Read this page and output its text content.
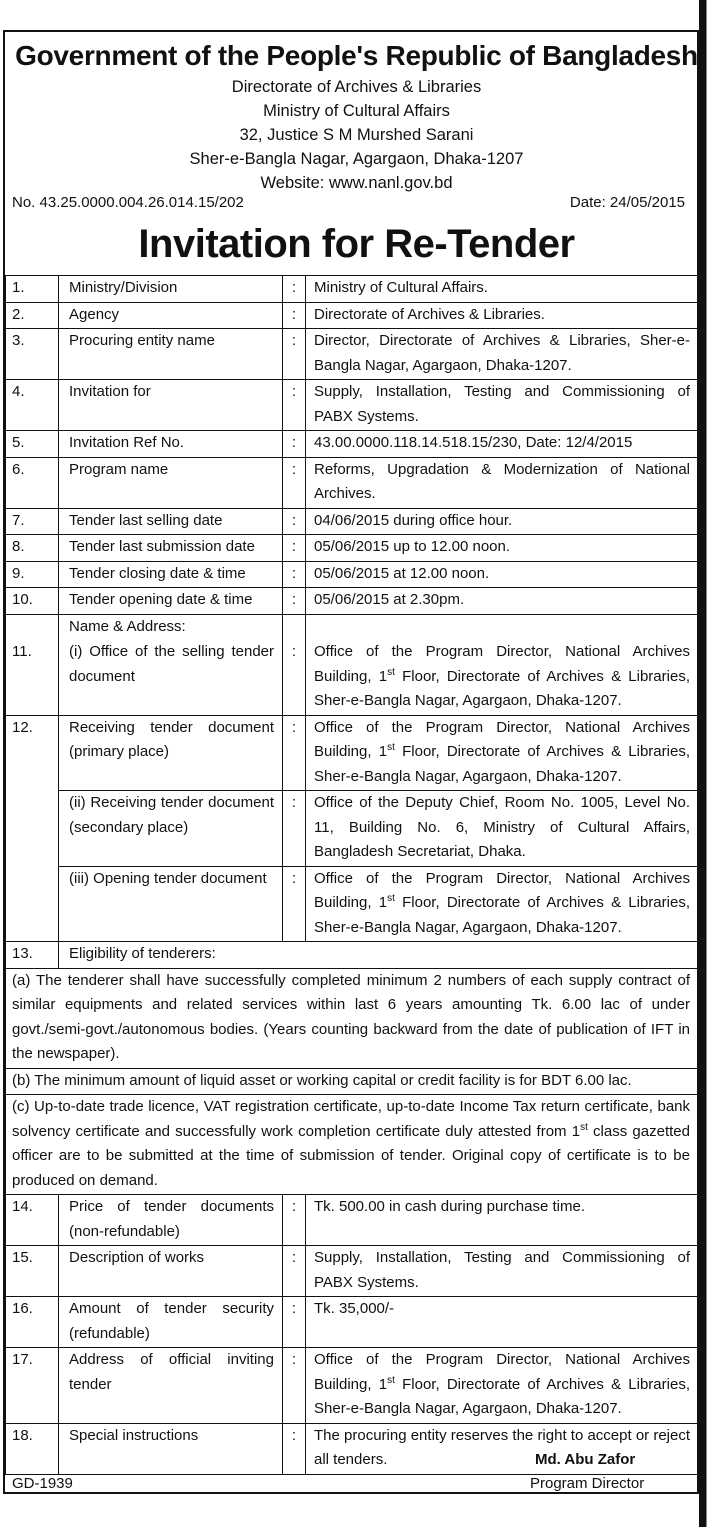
Government of the People's Republic of Bangladesh
Directorate of Archives & Libraries
Ministry of Cultural Affairs
32, Justice S M Murshed Sarani
Sher-e-Bangla Nagar, Agargaon, Dhaka-1207
Website: www.nanl.gov.bd
No. 43.25.0000.004.26.014.15/202	Date: 24/05/2015
Invitation for Re-Tender
1.	Ministry/Division	:	Ministry of Cultural Affairs.
2.	Agency	:	Directorate of Archives & Libraries.
3.	Procuring entity name	:	Director, Directorate of Archives & Libraries, Sher-e-Bangla Nagar, Agargaon, Dhaka-1207.
4.	Invitation for	:	Supply, Installation, Testing and Commissioning of PABX Systems.
5.	Invitation Ref No.	:	43.00.0000.118.14.518.15/230, Date: 12/4/2015
6.	Program name	:	Reforms, Upgradation & Modernization of National Archives.
7.	Tender last selling date	:	04/06/2015 during office hour.
8.	Tender last submission date	:	05/06/2015 up to 12.00 noon.
9.	Tender closing date & time	:	05/06/2015 at 12.00 noon.
10.	Tender opening date & time	:	05/06/2015 at 2.30pm.
	Name & Address:		
11.	(i) Office of the selling tender document	:	Office of the Program Director, National Archives Building, 1st Floor, Directorate of Archives & Libraries, Sher-e-Bangla Nagar, Agargaon, Dhaka-1207.
12.	Receiving tender document (primary place)	:	Office of the Program Director, National Archives Building, 1st Floor, Directorate of Archives & Libraries, Sher-e-Bangla Nagar, Agargaon, Dhaka-1207.
	(ii) Receiving tender document (secondary place)	:	Office of the Deputy Chief, Room No. 1005, Level No. 11, Building No. 6, Ministry of Cultural Affairs, Bangladesh Secretariat, Dhaka.
	(iii) Opening tender document	:	Office of the Program Director, National Archives Building, 1st Floor, Directorate of Archives & Libraries, Sher-e-Bangla Nagar, Agargaon, Dhaka-1207.
13.	Eligibility of tenderers:		
(a) The tenderer shall have successfully completed minimum 2 numbers of each supply contract of similar equipments and related services within last 6 years amounting Tk. 6.00 lac of under govt./semi-govt./autonomous bodies. (Years counting backward from the date of publication of IFT in the newspaper).			
(b) The minimum amount of liquid asset or working capital or credit facility is for BDT 6.00 lac.			
(c) Up-to-date trade licence, VAT registration certificate, up-to-date Income Tax return certificate, bank solvency certificate and successfully work completion certificate duly attested from 1st class gazetted officer are to be submitted at the time of submission of tender. Original copy of certificate is to be produced on demand.			
14.	Price of tender documents (non-refundable)	:	Tk. 500.00 in cash during purchase time.
15.	Description of works	:	Supply, Installation, Testing and Commissioning of PABX Systems.
16.	Amount of tender security (refundable)	:	Tk. 35,000/-
17.	Address of official inviting tender	:	Office of the Program Director, National Archives Building, 1st Floor, Directorate of Archives & Libraries, Sher-e-Bangla Nagar, Agargaon, Dhaka-1207.
18.	Special instructions	:	The procuring entity reserves the right to accept or reject all tenders.	Md. Abu Zafor
Program Director
GD-1939
